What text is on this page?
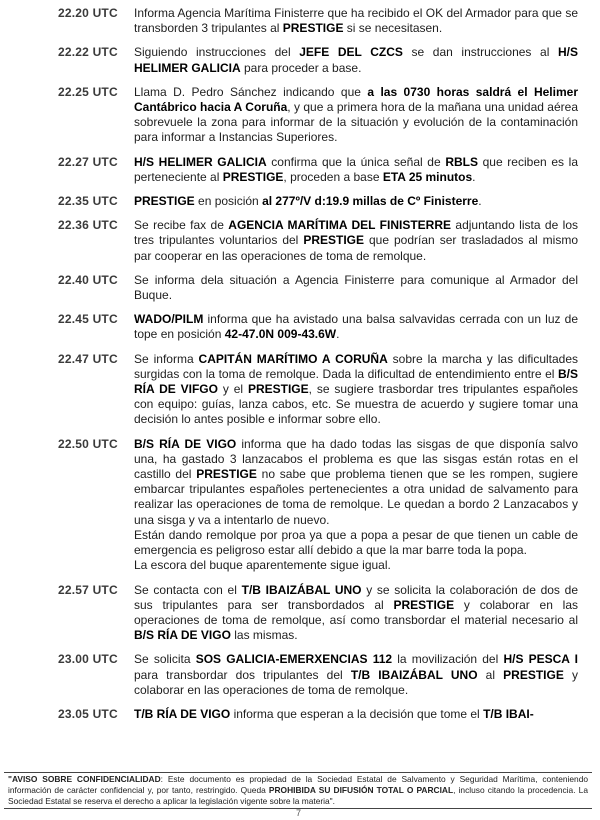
22.20 UTC	Informa Agencia Marítima Finisterre que ha recibido el OK del Armador para que se transborden 3 tripulantes al PRESTIGE si se necesitasen.
22.22 UTC	Siguiendo instrucciones del JEFE DEL CZCS se dan instrucciones al H/S HELIMER GALICIA para proceder a base.
22.25 UTC	Llama D. Pedro Sánchez indicando que a las 0730 horas saldrá el Helimer Cantábrico hacia A Coruña, y que a primera hora de la mañana una unidad aérea sobrevuele la zona para informar de la situación y evolución de la contaminación para informar a Instancias Superiores.
22.27 UTC	H/S HELIMER GALICIA confirma que la única señal de RBLS que reciben es la perteneciente al PRESTIGE, proceden a base ETA 25 minutos.
22.35 UTC	PRESTIGE en posición al 277º/V d:19.9 millas de Cº Finisterre.
22.36 UTC	Se recibe fax de AGENCIA MARÍTIMA DEL FINISTERRE adjuntando lista de los tres tripulantes voluntarios del PRESTIGE que podrían ser trasladados al mismo par cooperar en las operaciones de toma de remolque.
22.40 UTC	Se informa dela situación a Agencia Finisterre para comunique al Armador del Buque.
22.45 UTC	WADO/PILM informa que ha avistado una balsa salvavidas cerrada con un luz de tope en posición 42-47.0N 009-43.6W.
22.47 UTC	Se informa CAPITÁN MARÍTIMO A CORUÑA sobre la marcha y las dificultades surgidas con la toma de remolque. Dada la dificultad de entendimiento entre el B/S RÍA DE VIFGO y el PRESTIGE, se sugiere trasbordar tres tripulantes españoles con equipo: guías, lanza cabos, etc. Se muestra de acuerdo y sugiere tomar una decisión lo antes posible e informar sobre ello.
22.50 UTC	B/S RÍA DE VIGO informa que ha dado todas las sisgas de que disponía salvo una, ha gastado 3 lanzacabos el problema es que las sisgas están rotas en el castillo del PRESTIGE no sabe que problema tienen que se les rompen, sugiere embarcar tripulantes españoles pertenecientes a otra unidad de salvamento para realizar las operaciones de toma de remolque. Le quedan a bordo 2 Lanzacabos y una sisga y va a intentarlo de nuevo.
Están dando remolque por proa ya que a popa a pesar de que tienen un cable de emergencia es peligroso estar allí debido a que la mar barre toda la popa.
La escora del buque aparentemente sigue igual.
22.57 UTC	Se contacta con el T/B IBAIZÁBAL UNO y se solicita la colaboración de dos de sus tripulantes para ser transbordados al PRESTIGE y colaborar en las operaciones de toma de remolque, así como transbordar el material necesario al B/S RÍA DE VIGO las mismas.
23.00 UTC	Se solicita SOS GALICIA-EMERXENCIAS 112 la movilización del H/S PESCA I para transbordar dos tripulantes del T/B IBAIZÁBAL UNO al PRESTIGE y colaborar en las operaciones de toma de remolque.
23.05 UTC	T/B RÍA DE VIGO informa que esperan a la decisión que tome el T/B IBAI-
"AVISO SOBRE CONFIDENCIALIDAD: Este documento es propiedad de la Sociedad Estatal de Salvamento y Seguridad Marítima, conteniendo información de carácter confidencial y, por tanto, restringido. Queda PROHIBIDA SU DIFUSIÓN TOTAL O PARCIAL, incluso citando la procedencia. La Sociedad Estatal se reserva el derecho a aplicar la legislación vigente sobre la materia".
7
